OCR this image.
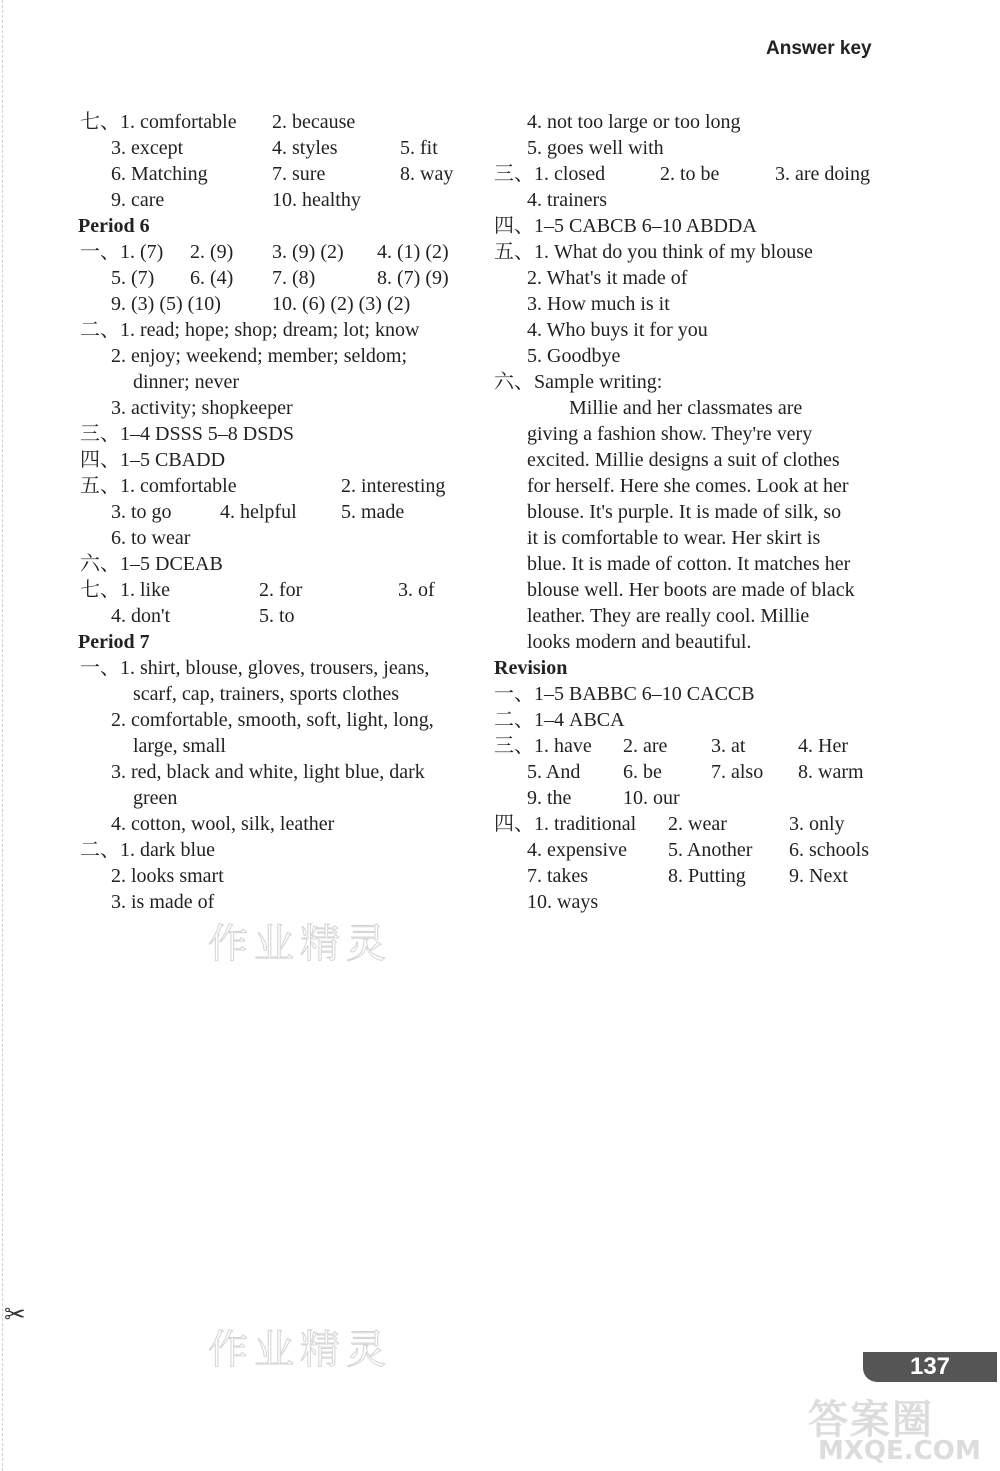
Answer key
七、1. comfortable 2. because
3. except	4. styles	5. fit
6. Matching	7. sure	8. way
9. care	10. healthy
Period 6
一、1. (7) 2. (9) 3. (9) (2) 4. (1) (2)
5. (7) 6. (4) 7. (8)	8. (7) (9)
9. (3) (5) (10)	10. (6) (2) (3) (2)
二、1. read; hope; shop; dream; lot; know
2. enjoy; weekend; member; seldom;
dinner; never
3. activity; shopkeeper
三、1–4 DSSS 5–8 DSDS
四、1–5 CBADD
五、1. comfortable	2. interesting
3. to go 4. helpful 5. made
6. to wear
六、1–5 DCEAB
七、1. like	2. for	3. of
4. don't	5. to
Period 7
一、1. shirt, blouse, gloves, trousers, jeans,
scarf, cap, trainers, sports clothes
2. comfortable, smooth, soft, light, long,
large, small
3. red, black and white, light blue, dark
green
4. cotton, wool, silk, leather
二、1. dark blue
2. looks smart
3. is made of
4. not too large or too long
5. goes well with
三、1. closed	2. to be	3. are doing
4. trainers
四、1–5 CABCB 6–10 ABDDA
五、1. What do you think of my blouse
2. What's it made of
3. How much is it
4. Who buys it for you
5. Goodbye
六、Sample writing:
Millie and her classmates are
giving a fashion show. They're very
excited. Millie designs a suit of clothes
for herself. Here she comes. Look at her
blouse. It's purple. It is made of silk, so
it is comfortable to wear. Her skirt is
blue. It is made of cotton. It matches her
blouse well. Her boots are made of black
leather. They are really cool. Millie
looks modern and beautiful.
Revision
一、1–5 BABBC 6–10 CACCB
二、1–4 ABCA
三、1. have 2. are 3. at	4. Her
5. And 6. be 7. also 8. warm
9. the	10. our
四、1. traditional 2. wear	3. only
4. expensive 5. Another 6. schools
7. takes	8. Putting 9. Next
10. ways
作业精灵
作业精灵
答案圈
MXQE.COM
✂
137
